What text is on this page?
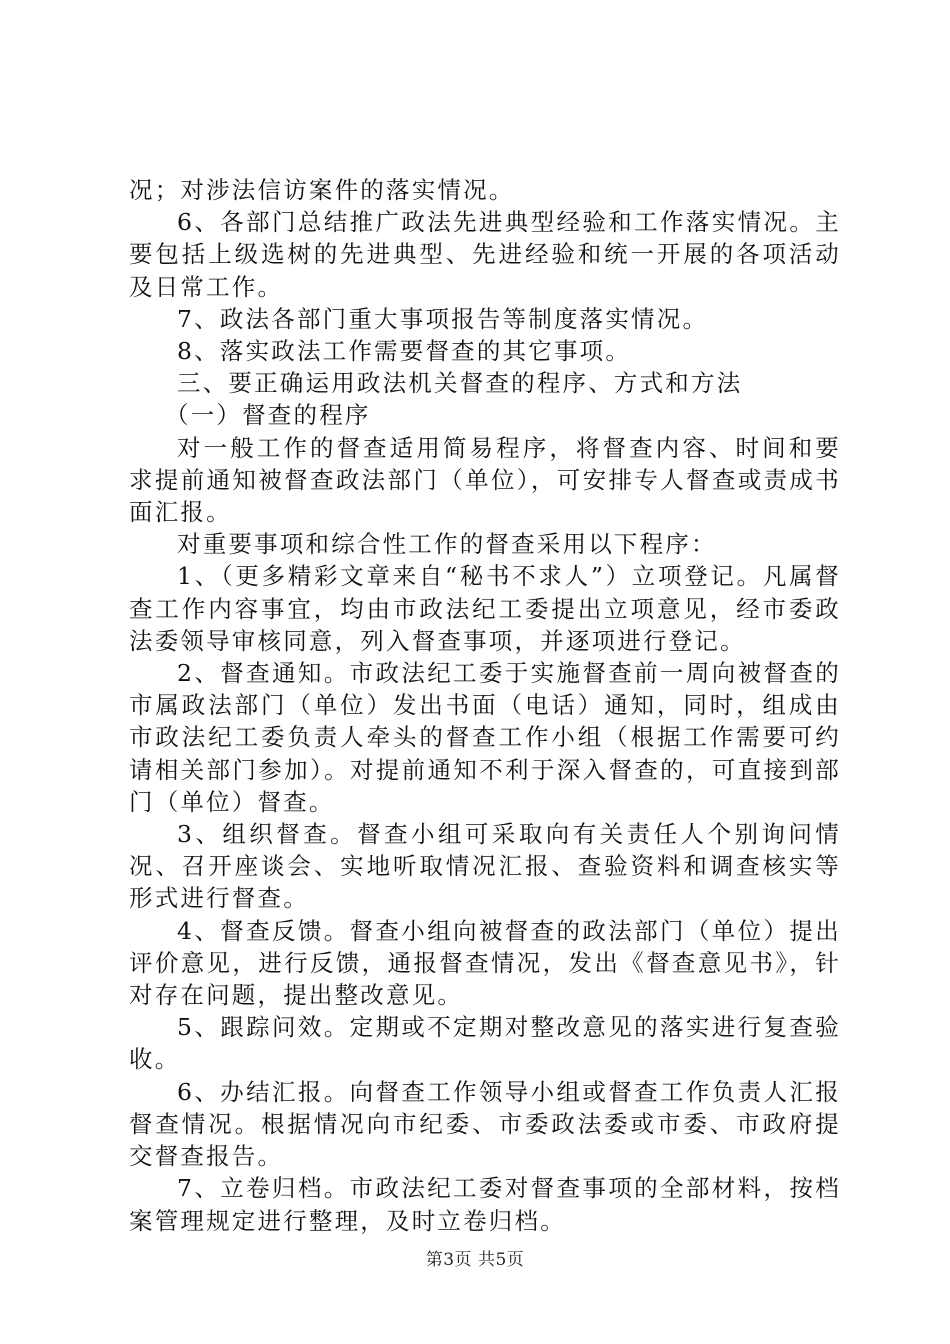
况；对涉法信访案件的落实情况。

6、各部门总结推广政法先进典型经验和工作落实情况。主要包括上级选树的先进典型、先进经验和统一开展的各项活动及日常工作。

7、政法各部门重大事项报告等制度落实情况。

8、落实政法工作需要督查的其它事项。

三、要正确运用政法机关督查的程序、方式和方法

（一）督查的程序

对一般工作的督查适用简易程序，将督查内容、时间和要求提前通知被督查政法部门（单位），可安排专人督查或责成书面汇报。

对重要事项和综合性工作的督查采用以下程序：

1、（更多精彩文章来自“秘书不求人”）立项登记。凡属督查工作内容事宜，均由市政法纪工委提出立项意见，经市委政法委领导审核同意，列入督查事项，并逐项进行登记。

2、督查通知。市政法纪工委于实施督查前一周向被督查的市属政法部门（单位）发出书面（电话）通知，同时，组成由市政法纪工委负责人牵头的督查工作小组（根据工作需要可约请相关部门参加）。对提前通知不利于深入督查的，可直接到部门（单位）督查。

3、组织督查。督查小组可采取向有关责任人个别询问情况、召开座谈会、实地听取情况汇报、查验资料和调查核实等形式进行督查。

4、督查反馈。督查小组向被督查的政法部门（单位）提出评价意见，进行反馈，通报督查情况，发出《督查意见书》，针对存在问题，提出整改意见。

5、跟踪问效。定期或不定期对整改意见的落实进行复查验收。

6、办结汇报。向督查工作领导小组或督查工作负责人汇报督查情况。根据情况向市纪委、市委政法委或市委、市政府提交督查报告。

7、立卷归档。市政法纪工委对督查事项的全部材料，按档案管理规定进行整理，及时立卷归档。

第3页 共5页
